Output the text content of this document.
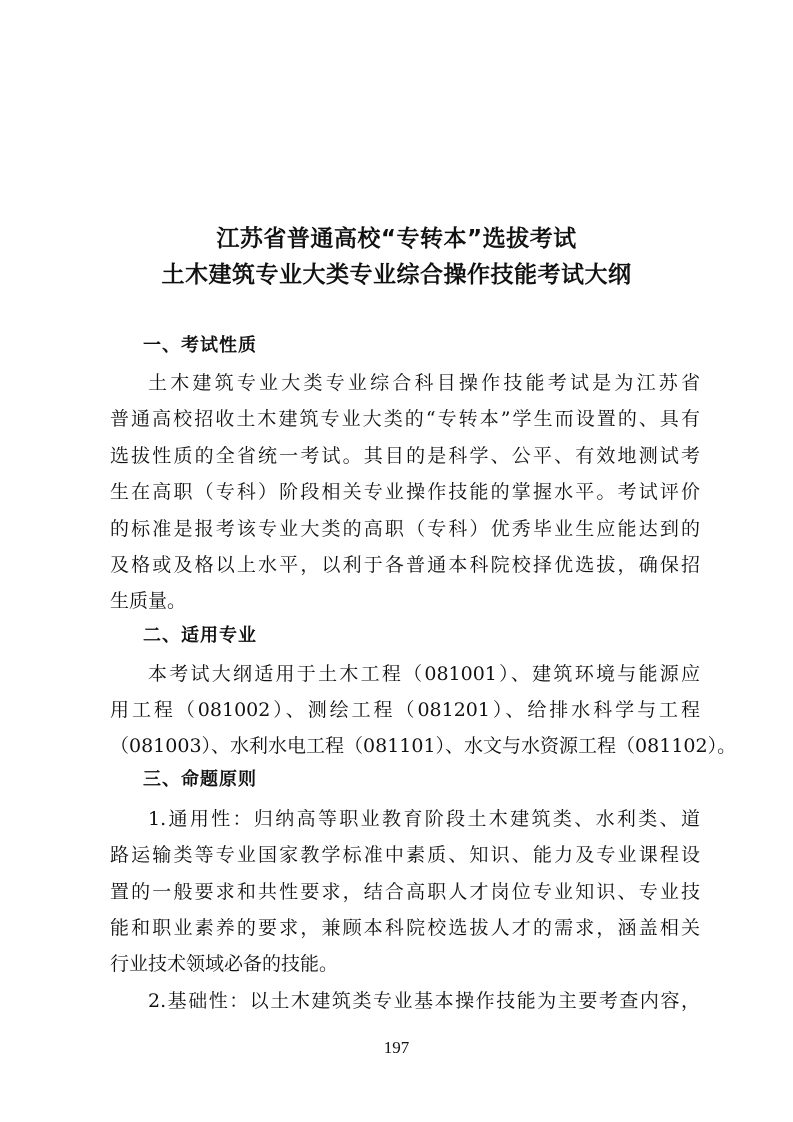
江苏省普通高校“专转本”选拔考试
土木建筑专业大类专业综合操作技能考试大纲
一、考试性质
土木建筑专业大类专业综合科目操作技能考试是为江苏省
普通高校招收土木建筑专业大类的“专转本”学生而设置的、具有
选拔性质的全省统一考试。其目的是科学、公平、有效地测试考
生在高职（专科）阶段相关专业操作技能的掌握水平。考试评价
的标准是报考该专业大类的高职（专科）优秀毕业生应能达到的
及格或及格以上水平，以利于各普通本科院校择优选拔，确保招
生质量。
二、适用专业
本考试大纲适用于土木工程（081001）、建筑环境与能源应
用工程（081002）、测绘工程（081201）、给排水科学与工程
（081003）、水利水电工程（081101）、水文与水资源工程（081102）。
三、命题原则
1.通用性：归纳高等职业教育阶段土木建筑类、水利类、道
路运输类等专业国家教学标准中素质、知识、能力及专业课程设
置的一般要求和共性要求，结合高职人才岗位专业知识、专业技
能和职业素养的要求，兼顾本科院校选拔人才的需求，涵盖相关
行业技术领域必备的技能。
2.基础性：以土木建筑类专业基本操作技能为主要考查内容，
197
